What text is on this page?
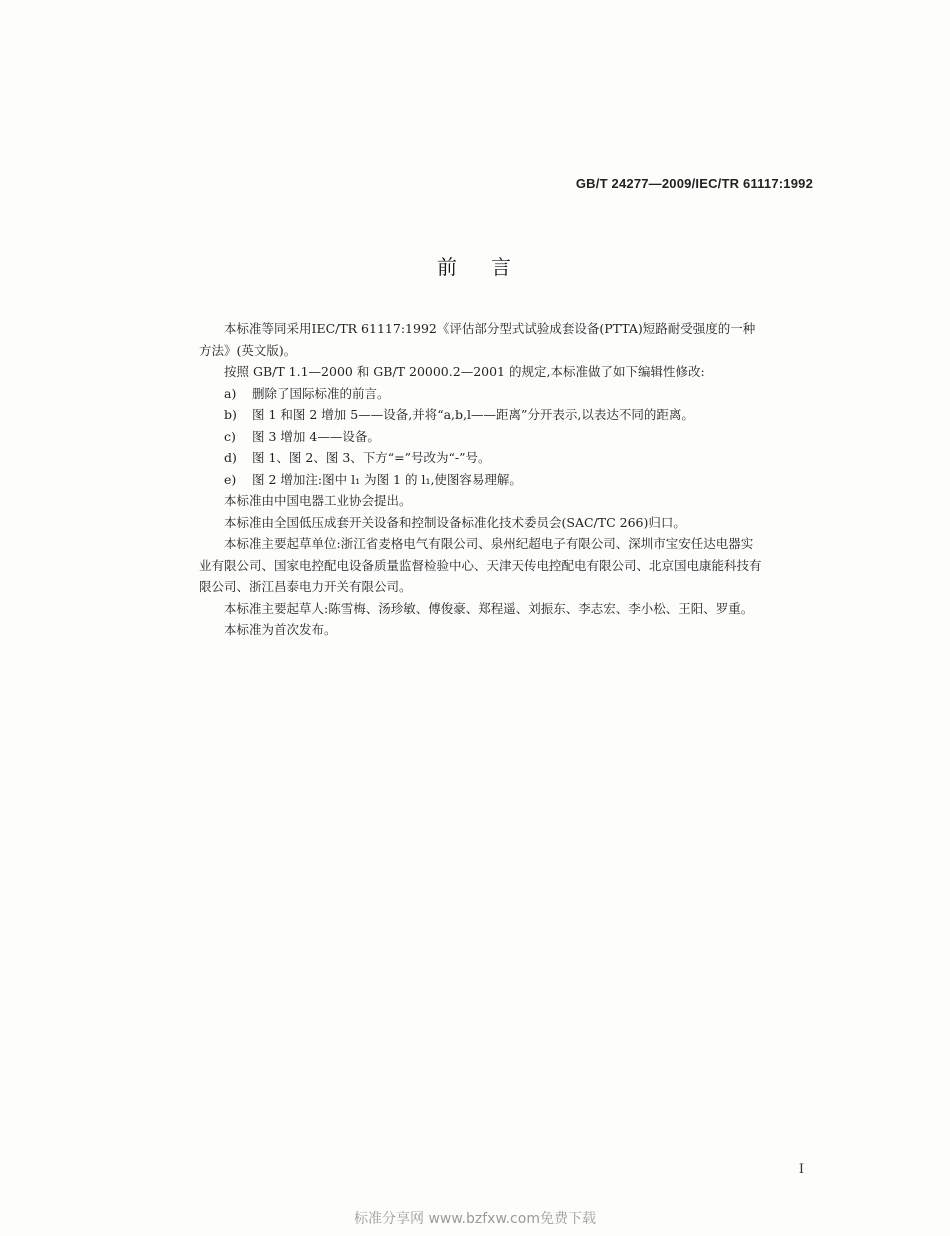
GB/T 24277—2009/IEC/TR 61117:1992
前 言

本标准等同采用IEC/TR 61117:1992《评估部分型式试验成套设备(PTTA)短路耐受强度的一种

方法》(英文版)。

按照 GB/T 1.1—2000 和 GB/T 20000.2—2001 的规定,本标准做了如下编辑性修改:

a) 删除了国际标准的前言。

b) 图 1 和图 2 增加 5——设备,并将“a,b,l——距离”分开表示,以表达不同的距离。

c) 图 3 增加 4——设备。

d) 图 1、图 2、图 3、下方“=”号改为“-”号。

e) 图 2 增加注:图中 l₁ 为图 1 的 l₁,使图容易理解。

本标准由中国电器工业协会提出。

本标准由全国低压成套开关设备和控制设备标准化技术委员会(SAC/TC 266)归口。

本标准主要起草单位:浙江省麦格电气有限公司、泉州纪超电子有限公司、深圳市宝安任达电器实

业有限公司、国家电控配电设备质量监督检验中心、天津天传电控配电有限公司、北京国电康能科技有

限公司、浙江昌泰电力开关有限公司。

本标准主要起草人:陈雪梅、汤珍敏、傅俊豪、郑程遥、刘振东、李志宏、李小松、王阳、罗重。

本标准为首次发布。

I
标准分享网 www.bzfxw.com免费下载
